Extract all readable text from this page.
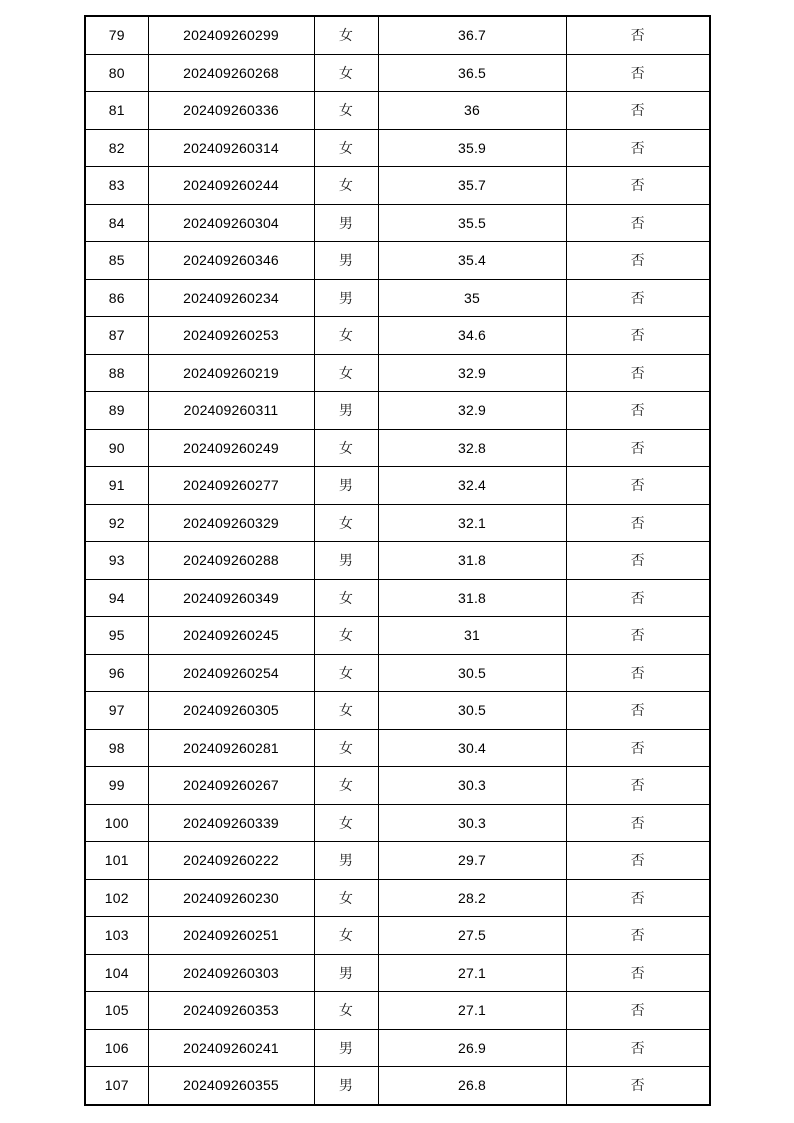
79	202409260299	女	36.7	否
80	202409260268	女	36.5	否
81	202409260336	女	36	否
82	202409260314	女	35.9	否
83	202409260244	女	35.7	否
84	202409260304	男	35.5	否
85	202409260346	男	35.4	否
86	202409260234	男	35	否
87	202409260253	女	34.6	否
88	202409260219	女	32.9	否
89	202409260311	男	32.9	否
90	202409260249	女	32.8	否
91	202409260277	男	32.4	否
92	202409260329	女	32.1	否
93	202409260288	男	31.8	否
94	202409260349	女	31.8	否
95	202409260245	女	31	否
96	202409260254	女	30.5	否
97	202409260305	女	30.5	否
98	202409260281	女	30.4	否
99	202409260267	女	30.3	否
100	202409260339	女	30.3	否
101	202409260222	男	29.7	否
102	202409260230	女	28.2	否
103	202409260251	女	27.5	否
104	202409260303	男	27.1	否
105	202409260353	女	27.1	否
106	202409260241	男	26.9	否
107	202409260355	男	26.8	否
